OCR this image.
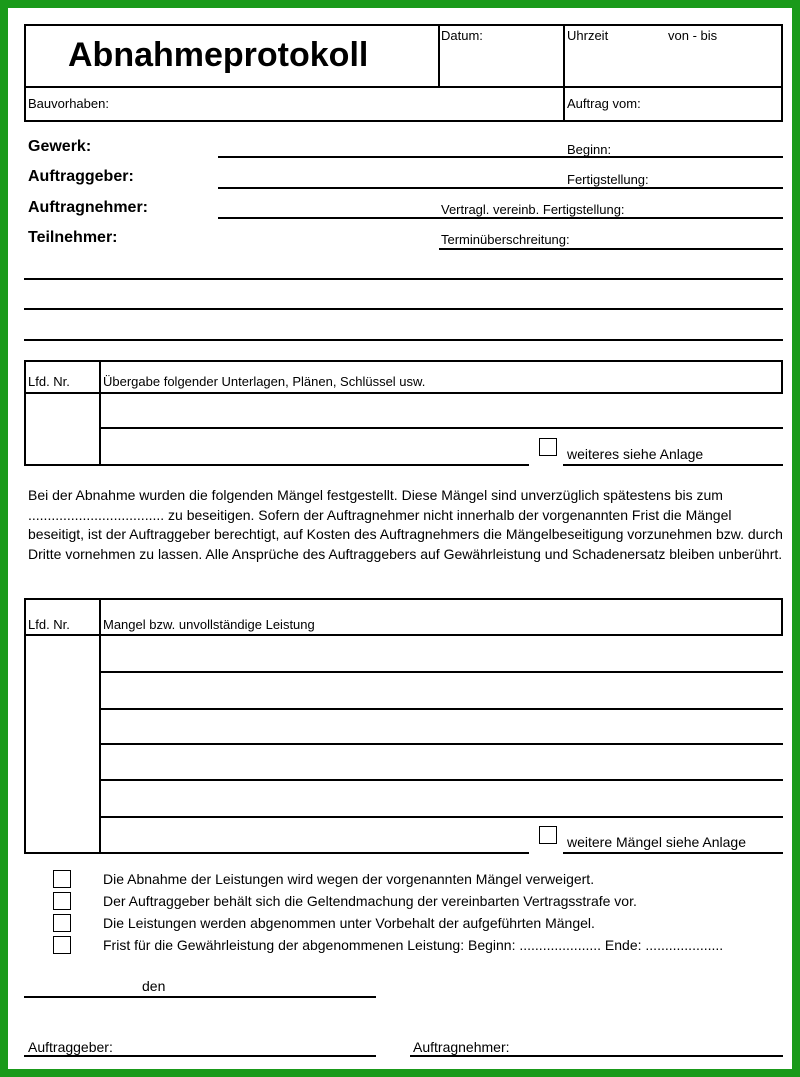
Abnahmeprotokoll
Datum:	Uhrzeit	von - bis
Bauvorhaben:	Auftrag vom:
Gewerk:	Beginn:
Auftraggeber:	Fertigstellung:
Auftragnehmer:	Vertragl. vereinb. Fertigstellung:
Teilnehmer:	Terminüberschreitung:
Lfd. Nr.	Übergabe folgender Unterlagen, Plänen, Schlüssel usw.
weiteres siehe Anlage
Bei der Abnahme wurden die folgenden Mängel festgestellt. Diese Mängel sind unverzüglich spätestens bis zum ................................... zu beseitigen. Sofern der Auftragnehmer nicht innerhalb der vorgenannten Frist die Mängel beseitigt, ist der Auftraggeber berechtigt, auf Kosten des Auftragnehmers die Mängelbeseitigung vorzunehmen bzw. durch Dritte vornehmen zu lassen. Alle Ansprüche des Auftraggebers auf Gewährleistung und Schadenersatz bleiben unberührt.
Lfd. Nr.	Mangel bzw. unvollständige Leistung
weitere Mängel siehe Anlage
Die Abnahme der Leistungen wird wegen der vorgenannten Mängel verweigert.
Der Auftraggeber behält sich die Geltendmachung der vereinbarten Vertragsstrafe vor.
Die Leistungen werden abgenommen unter Vorbehalt der aufgeführten Mängel.
Frist für die Gewährleistung der abgenommenen Leistung: Beginn: ..................... Ende: ....................
den
Auftraggeber:	Auftragnehmer:
